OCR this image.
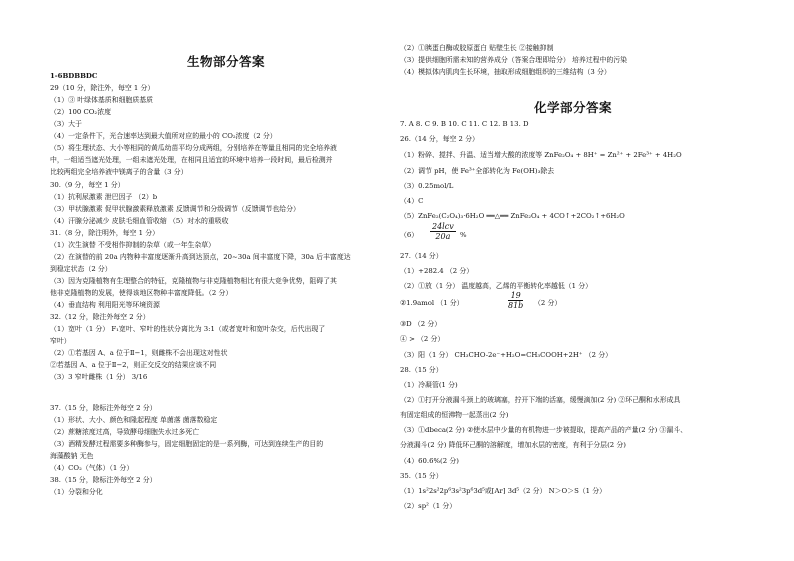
生物部分答案
1-6BDBBDC
29（10 分，除注外，每空 1 分）
（1）③ 叶绿体基质和细胞质基质
（2）100 CO₂浓度
（3）大于
（4）一定条件下，光合速率达到最大值所对应的最小的 CO₂浓度（2 分）
（5）将生理状态、大小等相同的黄瓜幼苗平均分成两组，分别培养在等量且相同的完全培养液
中，一组适当遮光处理，一组未遮光处理，在相同且适宜的环境中培养一段时间，最后检测并
比较两组完全培养液中镁离子的含量（3 分）
30.（9 分，每空 1 分）
（1）抗利尿激素 泄巴因子 （2）b
（3）甲状腺激素 促甲状腺激素释放激素 反馈调节和分级调节（反馈调节也给分）
（4）汗腺分泌减少 皮肤毛细血管收缩 （5）对水的重吸收
31.（8 分，除注明外，每空 1 分）
（1）次生演替 不受相作抑制的杂草（或一年生杂草）
（2）在演替的前 20a 内物种丰富度逐渐升高到达顶点，20~30a 间丰富度下降，30a 后丰富度达
到稳定状态（2 分）
（3）因为克隆植物有生理整合的特征，克隆植物与非克隆植物相比有很大竞争优势，阻碍了其
他非克隆植物的发展，使得该地区物种丰富度降低。（2 分）
（4）垂直结构 利用阳光等环境资源
32.（12 分，除注外每空 2 分）
（1）宽叶（1 分） F₁宽叶、窄叶的性状分离比为 3:1（或者宽叶和宽叶杂交，后代出现了
窄叶）
（2）①若基因 A、a 位于Ⅱ−1，则雌株不会出现这对性状
②若基因 A、a 位于Ⅱ−2，则正交反交的结果应该不同
（3）3 窄叶雌株（1 分） 3/16
37.（15 分，除标注外每空 2 分）
（1）形状、大小、颜色和隆起程度 单菌落 菌落数稳定
（2）蔗糖浓度过高，导致酵母细胞失水过多死亡
（3）酒精发酵过程需要多种酶参与，固定细胞固定的是一系列酶，可达到连续生产的目的
海藻酸钠 无色
（4）CO₂（气体）（1 分）
38.（15 分，除标注外每空 2 分）
（1）分裂和分化
（2）①胰蛋白酶或胶原蛋白 贴壁生长 ②接触抑制
（3）提供细胞所需未知的营养成分（答案合理即给分） 培养过程中的污染
（4）模拟体内肌肉生长环境，抽取形成细胞组织的三维结构（3 分）
化学部分答案
7. A 8. C 9. B 10. C 11. C 12. B 13. D
26.（14 分，每空 2 分）
（1）粉碎、搅拌、升温、适当增大酸的浓度等 ZnFe₂O₄ + 8H⁺ = Zn²⁺ + 2Fe³⁺ + 4H₂O
（2）调节 pH，使 Fe³⁺全部转化为 Fe(OH)₃除去
（3）0.25mol/L
（4）C
（5）ZnFe₂(C₂O₄)₃·6H₂O ══△══ ZnFe₂O₄ + 4CO↑+2CO₂↑+6H₂O
（6）
24lcv
20a	%
27.（14 分）
（1）+282.4 （2 分）
（2）①放（1 分） 温度越高，乙烯的平衡转化率越低（1 分）
②1.9amol （1 分）	$\frac{19}{81b} (2$ 分）
③D （2 分）
④ > （2 分）
（3）阳（1 分） CH₃CHO-2e⁻+H₂O=CH₃COOH+2H⁺ （2 分）
28.（15 分）
（1）冷凝管(1 分)
（2）①打开分液漏斗颈上的玻璃塞，拧开下端的活塞，缓慢滴加(2 分) ②环己酮和水形成具
有固定组成的恒沸物一起蒸出(2 分)
（3）①dbeca(2 分) ②使水层中少量的有机物进一步被提取，提高产品的产量(2 分) ③漏斗、
分液漏斗(2 分) 降低环己酮的溶解度，增加水层的密度，有利于分层(2 分)
（4）60.6%(2 分)
35.（15 分）
（1）1s²2s²2p⁶3s²3p⁶3d⁵或[Ar] 3d⁵（2 分） N＞O＞S（1 分）
（2）sp²（1 分）
